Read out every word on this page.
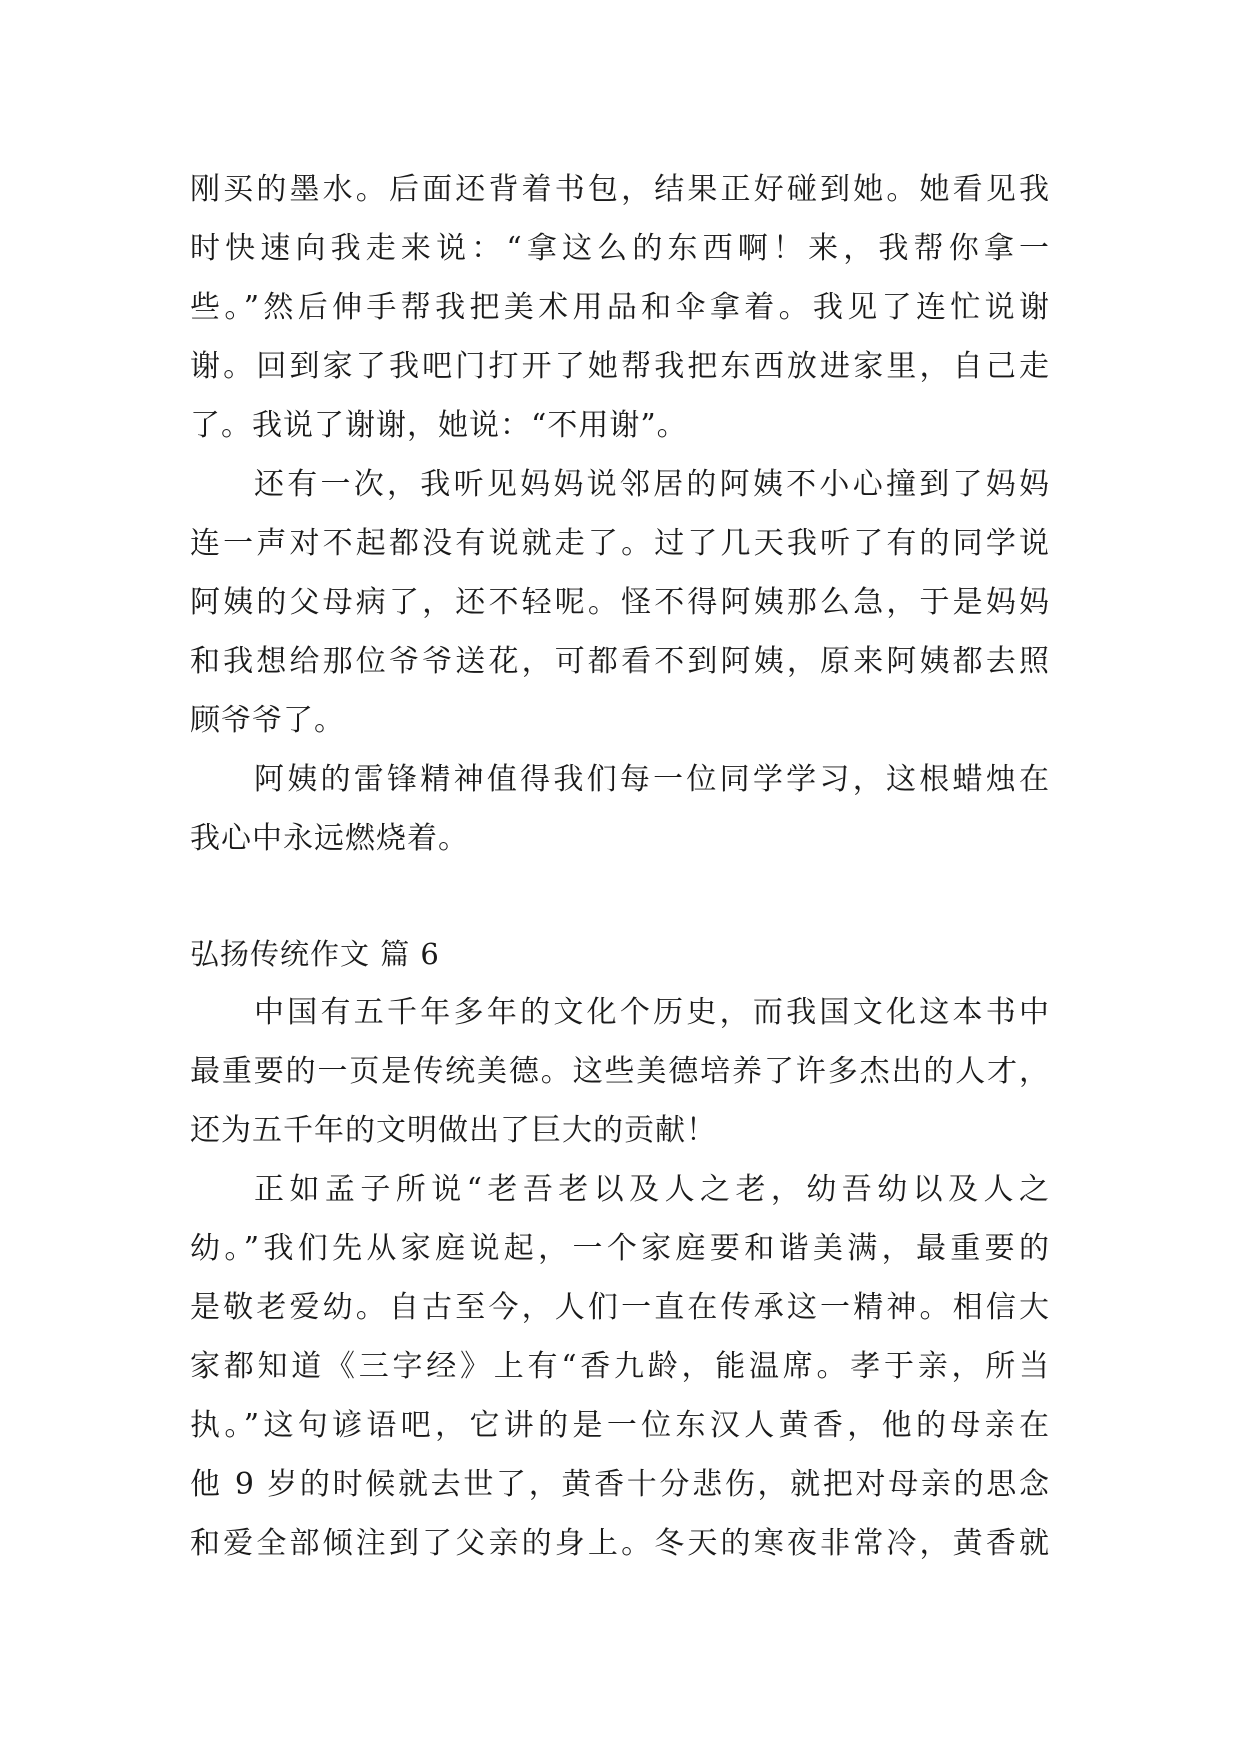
刚买的墨水。后面还背着书包，结果正好碰到她。她看见我
时快速向我走来说：“拿这么的东西啊！来，我帮你拿一
些。”然后伸手帮我把美术用品和伞拿着。我见了连忙说谢
谢。回到家了我吧门打开了她帮我把东西放进家里，自己走
了。我说了谢谢，她说：“不用谢”。
还有一次，我听见妈妈说邻居的阿姨不小心撞到了妈妈
连一声对不起都没有说就走了。过了几天我听了有的同学说
阿姨的父母病了，还不轻呢。怪不得阿姨那么急，于是妈妈
和我想给那位爷爷送花，可都看不到阿姨，原来阿姨都去照
顾爷爷了。
阿姨的雷锋精神值得我们每一位同学学习，这根蜡烛在
我心中永远燃烧着。
弘扬传统作文 篇 6
中国有五千年多年的文化个历史，而我国文化这本书中
最重要的一页是传统美德。这些美德培养了许多杰出的人才，
还为五千年的文明做出了巨大的贡献！
正如孟子所说“老吾老以及人之老，幼吾幼以及人之
幼。”我们先从家庭说起，一个家庭要和谐美满，最重要的
是敬老爱幼。自古至今，人们一直在传承这一精神。相信大
家都知道《三字经》上有“香九龄，能温席。孝于亲，所当
执。”这句谚语吧，它讲的是一位东汉人黄香，他的母亲在
他 9 岁的时候就去世了，黄香十分悲伤，就把对母亲的思念
和爱全部倾注到了父亲的身上。冬天的寒夜非常冷，黄香就
